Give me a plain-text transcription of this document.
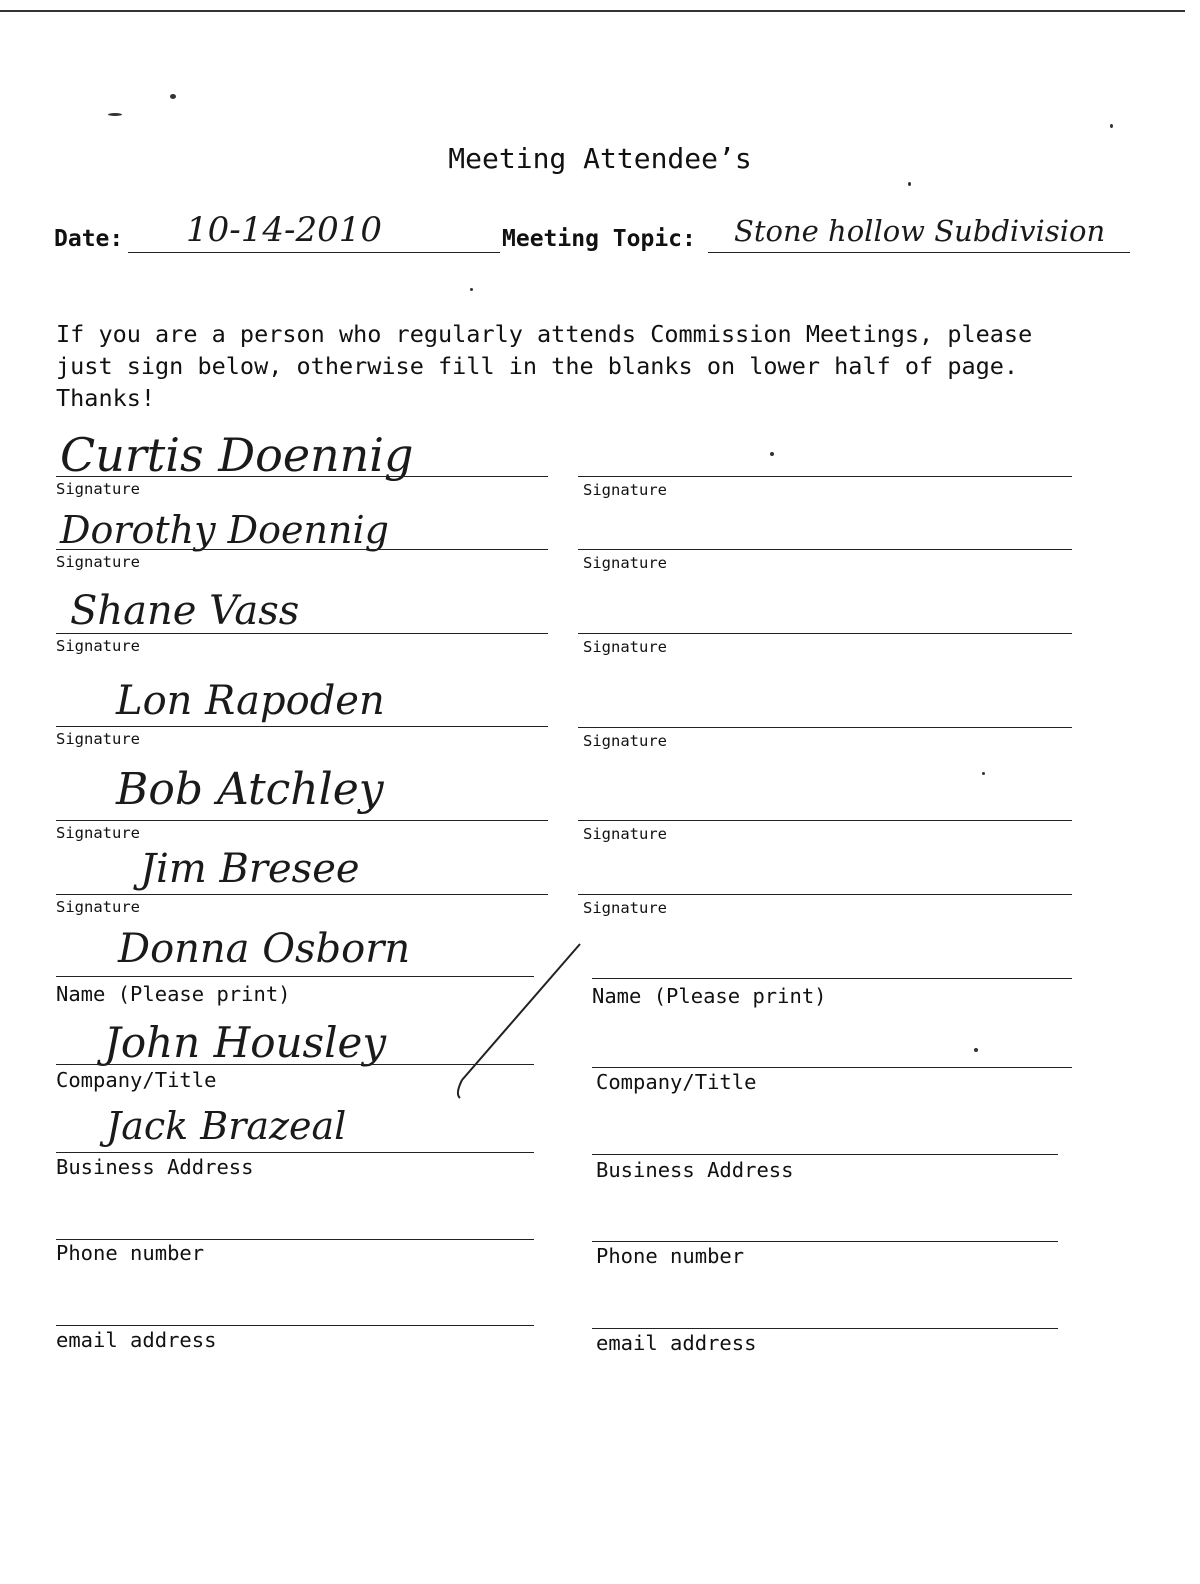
Meeting Attendee’s
Date: 10-14-2010	Meeting Topic: Stone hollow Subdivision
If you are a person who regularly attends Commission Meetings, please
just sign below, otherwise fill in the blanks on lower half of page.
Thanks!
Curtis Doennig
Signature
Dorothy Doennig
Signature
Shane Vass
Signature
Lon Rapoden
Signature
Bob Atchley
Signature
Jim Bresee
Signature
Signature
Signature
Signature
Signature
Signature
Signature
Donna Osborn
Name (Please print)
John Housley
Company/Title
Jack Brazeal
Business Address
Phone number
email address
Name (Please print)
Company/Title
Business Address
Phone number
email address
